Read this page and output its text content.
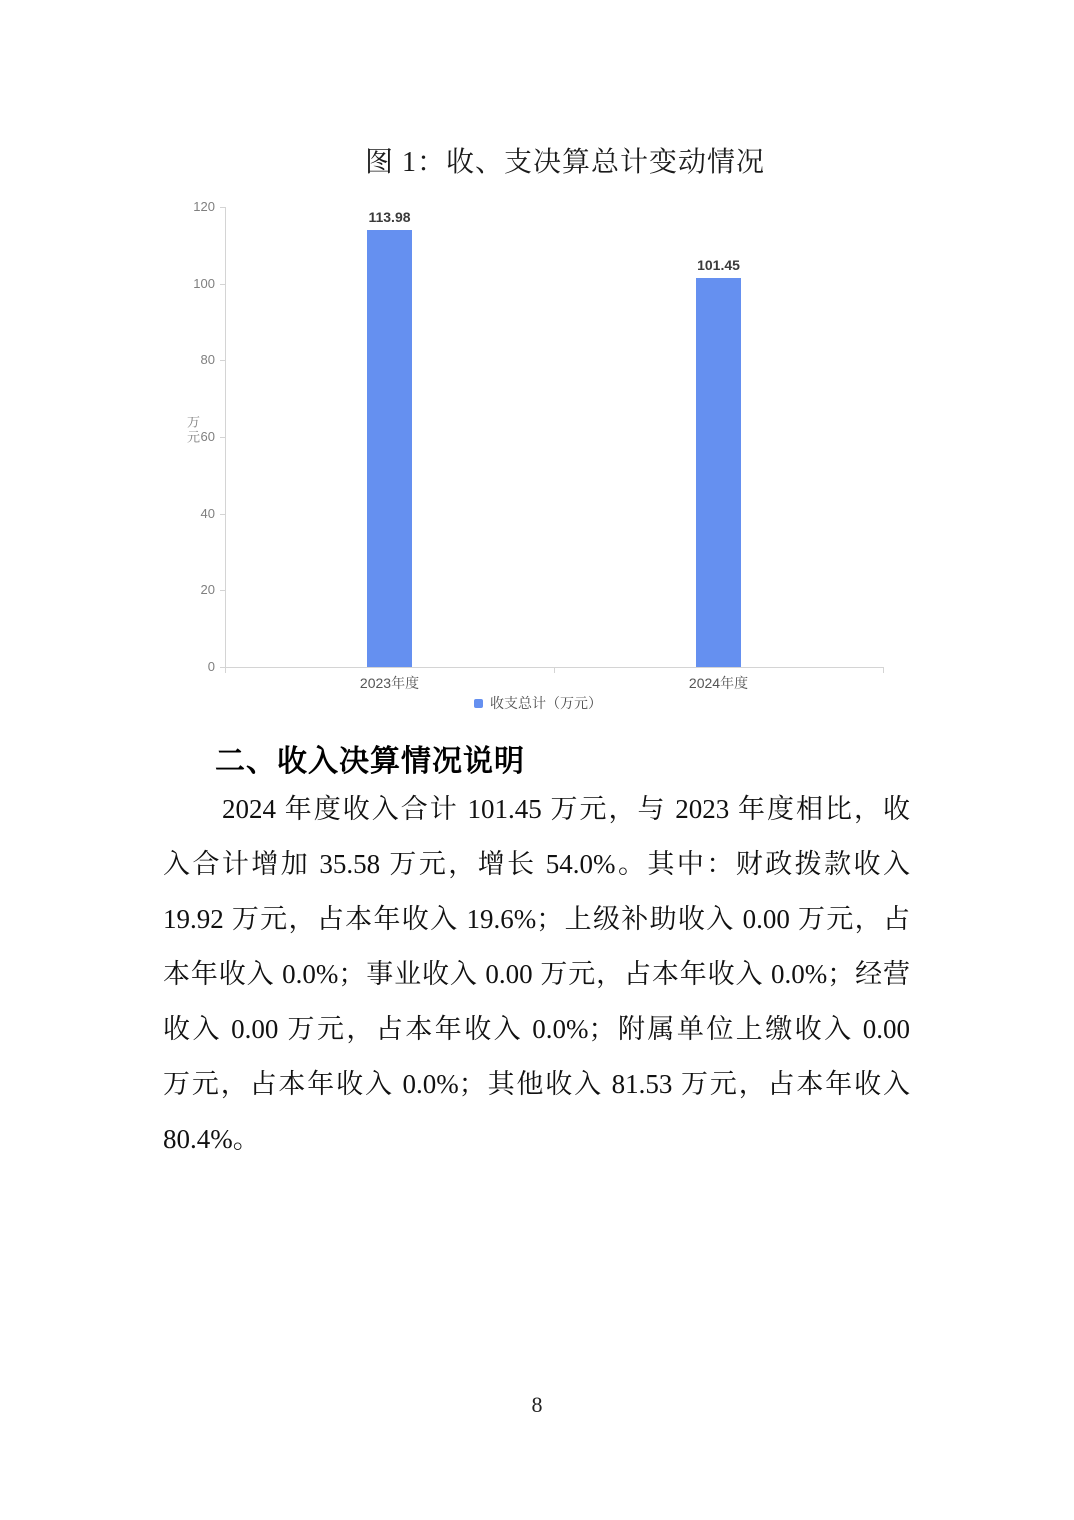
图 1：收、支决算总计变动情况
万元
收支总计（万元）
0
20
40
60
80
100
120
113.98
2023年度
101.45
2024年度
二、收入决算情况说明
2024 年度收入合计 101.45 万元，与 2023 年度相比，收
入合计增加 35.58 万元，增长 54.0%。其中：财政拨款收入
19.92 万元，占本年收入 19.6%；上级补助收入 0.00 万元，占
本年收入 0.0%；事业收入 0.00 万元，占本年收入 0.0%；经营
收入 0.00 万元，占本年收入 0.0%；附属单位上缴收入 0.00
万元，占本年收入 0.0%；其他收入 81.53 万元，占本年收入
80.4%。
8
